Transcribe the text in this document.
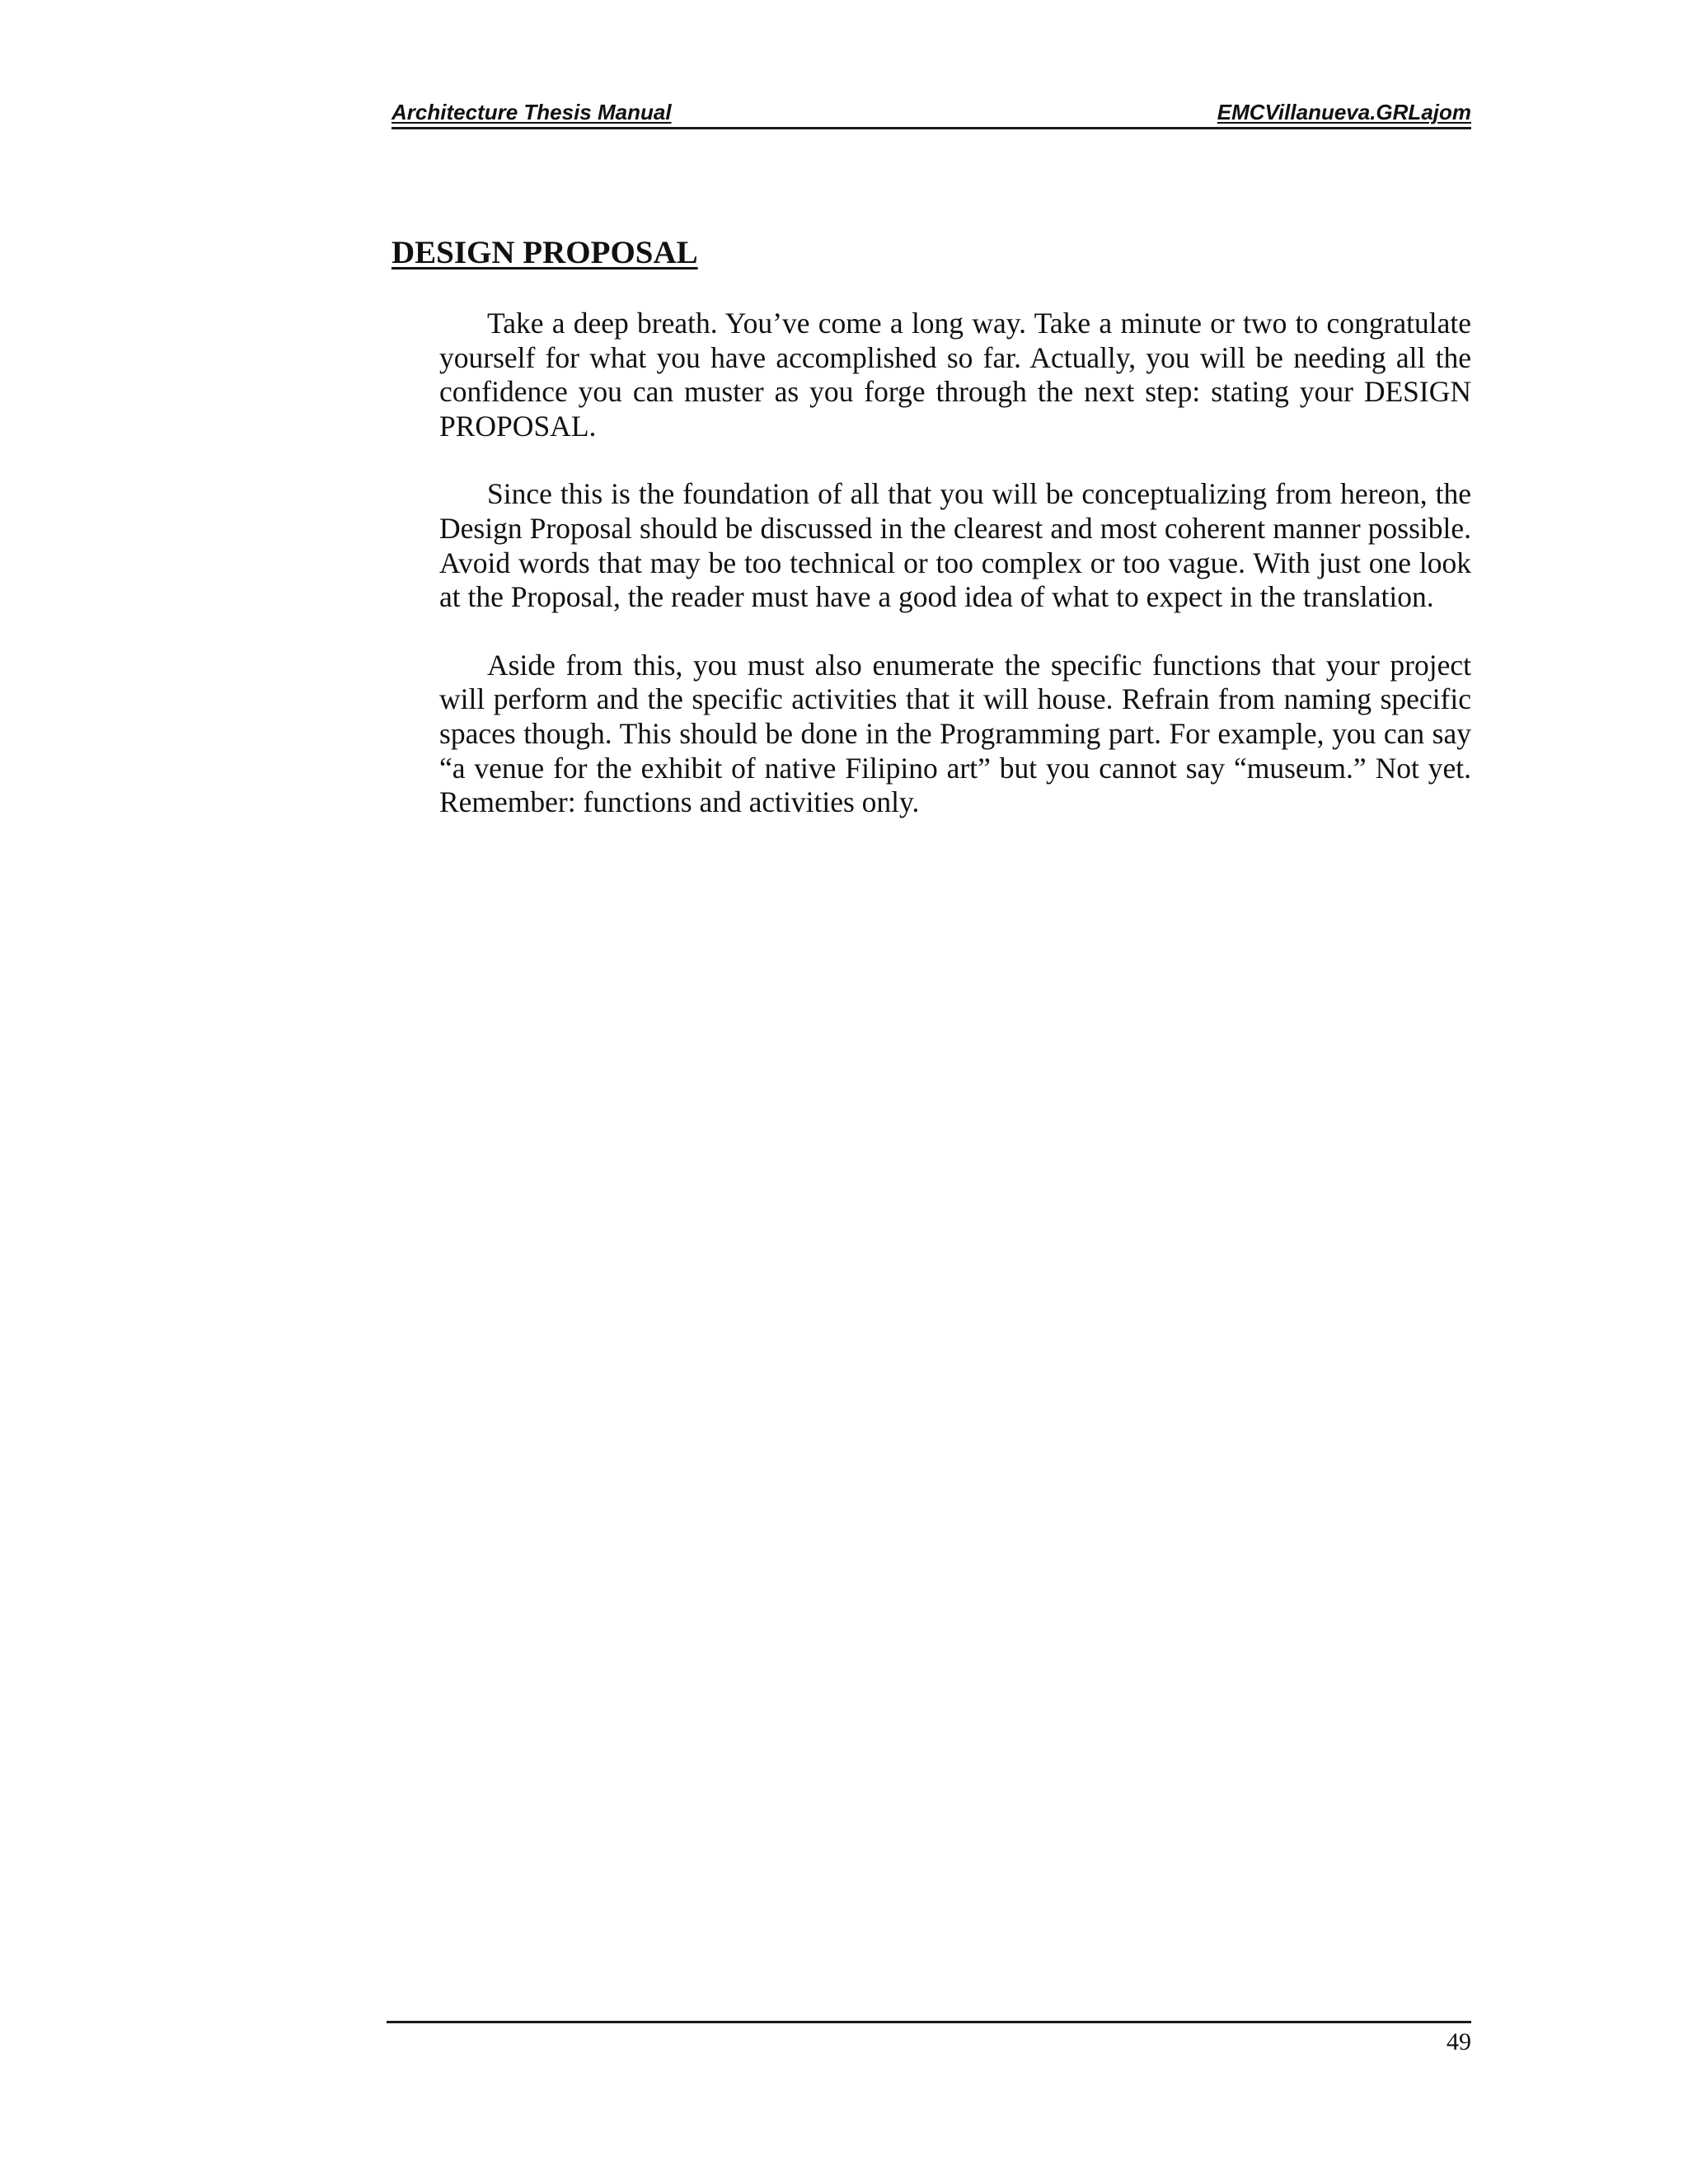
Architecture Thesis Manual	EMCVillanueva.GRLajom
DESIGN PROPOSAL

Take a deep breath. You’ve come a long way. Take a minute or two to congratulate yourself for what you have accomplished so far. Actually, you will be needing all the confidence you can muster as you forge through the next step: stating your DESIGN PROPOSAL.

Since this is the foundation of all that you will be conceptualizing from hereon, the Design Proposal should be discussed in the clearest and most coherent manner possible. Avoid words that may be too technical or too complex or too vague. With just one look at the Proposal, the reader must have a good idea of what to expect in the translation.

Aside from this, you must also enumerate the specific functions that your project will perform and the specific activities that it will house. Refrain from naming specific spaces though. This should be done in the Programming part. For example, you can say “a venue for the exhibit of native Filipino art” but you cannot say “museum.” Not yet. Remember: functions and activities only.

49
